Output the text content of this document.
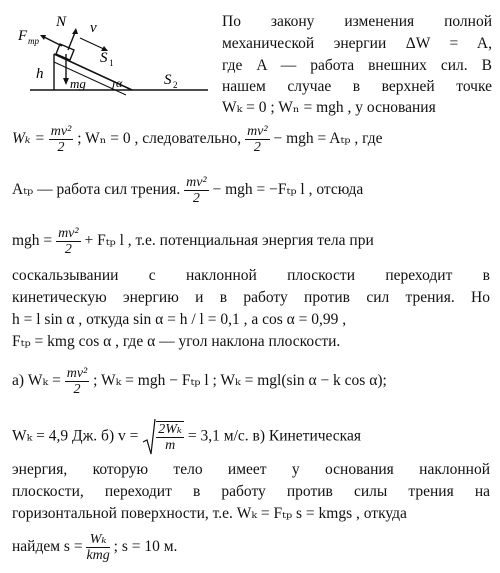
F тр
N v
S 1
S 2
h
mg	α
По закону изменения полной
механической энергии ΔW = A,
где A — работа внешних сил. В
нашем случае в верхней точке
Wₖ = 0 ; Wₙ = mgh , у основания
$W_k = \frac{\text{mv²}}{2}$ ; Wₙ = 0 , следовательно, $\frac{\text{mv²}}{2}$ − mgh = Aₜₚ , где
Aₜₚ — работа сил трения. $\frac{\text{mv²}}{2}$ − mgh = −Fₜₚ l , отсюда
mgh = $\frac{\text{mv²}}{2} + F_{tp}$ l , т.е. потенциальная энергия тела при
соскальзывании с наклонной плоскости переходит в
кинетическую энергию и в работу против сил трения. Но
h = l sin α , откуда sin α = h / l = 0,1 , а cos α = 0,99 ,
Fₜₚ = kmg cos α , где α — угол наклона плоскости.
а) $W_k = \frac{\text{mv²}}{2}$ ; Wₖ = mgh − Fₜₚ l ; Wₖ = mgl(sin α − k cos α);
Wₖ = 4,9 Дж. б) $v = \frac{\text{2Wₖ}}{m} = 3,1$ м/с. в) Кинетическая
энергия, которую тело имеет у основания наклонной
плоскости, переходит в работу против силы трения на
горизонтальной поверхности, т.е. Wₖ = Fₜₚ s = kmgs , откуда
найдем $s = \frac{\text{Wₖ}}{\text{kmg}}$ ; s = 10 м.
